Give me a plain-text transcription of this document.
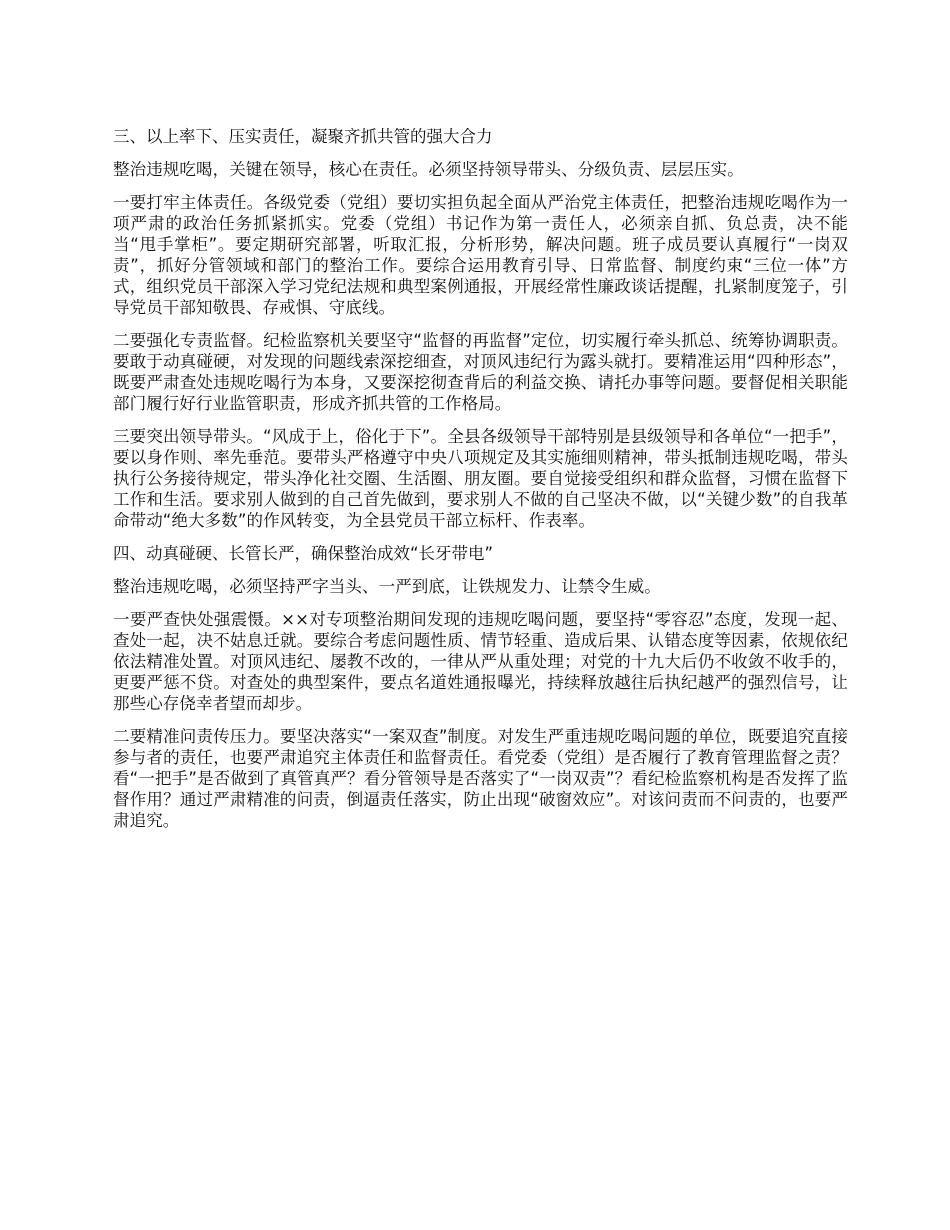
三、以上率下、压实责任，凝聚齐抓共管的强大合力

整治违规吃喝，关键在领导，核心在责任。必须坚持领导带头、分级负责、层层压实。

一要打牢主体责任。各级党委（党组）要切实担负起全面从严治党主体责任，把整治违规吃喝作为一项严肃的政治任务抓紧抓实。党委（党组）书记作为第一责任人，必须亲自抓、负总责，决不能当“甩手掌柜”。要定期研究部署，听取汇报，分析形势，解决问题。班子成员要认真履行“一岗双责”，抓好分管领域和部门的整治工作。要综合运用教育引导、日常监督、制度约束“三位一体”方式，组织党员干部深入学习党纪法规和典型案例通报，开展经常性廉政谈话提醒，扎紧制度笼子，引导党员干部知敬畏、存戒惧、守底线。

二要强化专责监督。纪检监察机关要坚守“监督的再监督”定位，切实履行牵头抓总、统筹协调职责。要敢于动真碰硬，对发现的问题线索深挖细查，对顶风违纪行为露头就打。要精准运用“四种形态”，既要严肃查处违规吃喝行为本身，又要深挖彻查背后的利益交换、请托办事等问题。要督促相关职能部门履行好行业监管职责，形成齐抓共管的工作格局。

三要突出领导带头。“风成于上，俗化于下”。全县各级领导干部特别是县级领导和各单位“一把手”，要以身作则、率先垂范。要带头严格遵守中央八项规定及其实施细则精神，带头抵制违规吃喝，带头执行公务接待规定，带头净化社交圈、生活圈、朋友圈。要自觉接受组织和群众监督，习惯在监督下工作和生活。要求别人做到的自己首先做到，要求别人不做的自己坚决不做，以“关键少数”的自我革命带动“绝大多数”的作风转变，为全县党员干部立标杆、作表率。

四、动真碰硬、长管长严，确保整治成效“长牙带电”

整治违规吃喝，必须坚持严字当头、一严到底，让铁规发力、让禁令生威。

一要严查快处强震慑。××对专项整治期间发现的违规吃喝问题，要坚持“零容忍”态度，发现一起、查处一起，决不姑息迁就。要综合考虑问题性质、情节轻重、造成后果、认错态度等因素，依规依纪依法精准处置。对顶风违纪、屡教不改的，一律从严从重处理；对党的十九大后仍不收敛不收手的，更要严惩不贷。对查处的典型案件，要点名道姓通报曝光，持续释放越往后执纪越严的强烈信号，让那些心存侥幸者望而却步。

二要精准问责传压力。要坚决落实“一案双查”制度。对发生严重违规吃喝问题的单位，既要追究直接参与者的责任，也要严肃追究主体责任和监督责任。看党委（党组）是否履行了教育管理监督之责？看“一把手”是否做到了真管真严？看分管领导是否落实了“一岗双责”？看纪检监察机构是否发挥了监督作用？通过严肃精准的问责，倒逼责任落实，防止出现“破窗效应”。对该问责而不问责的，也要严肃追究。
